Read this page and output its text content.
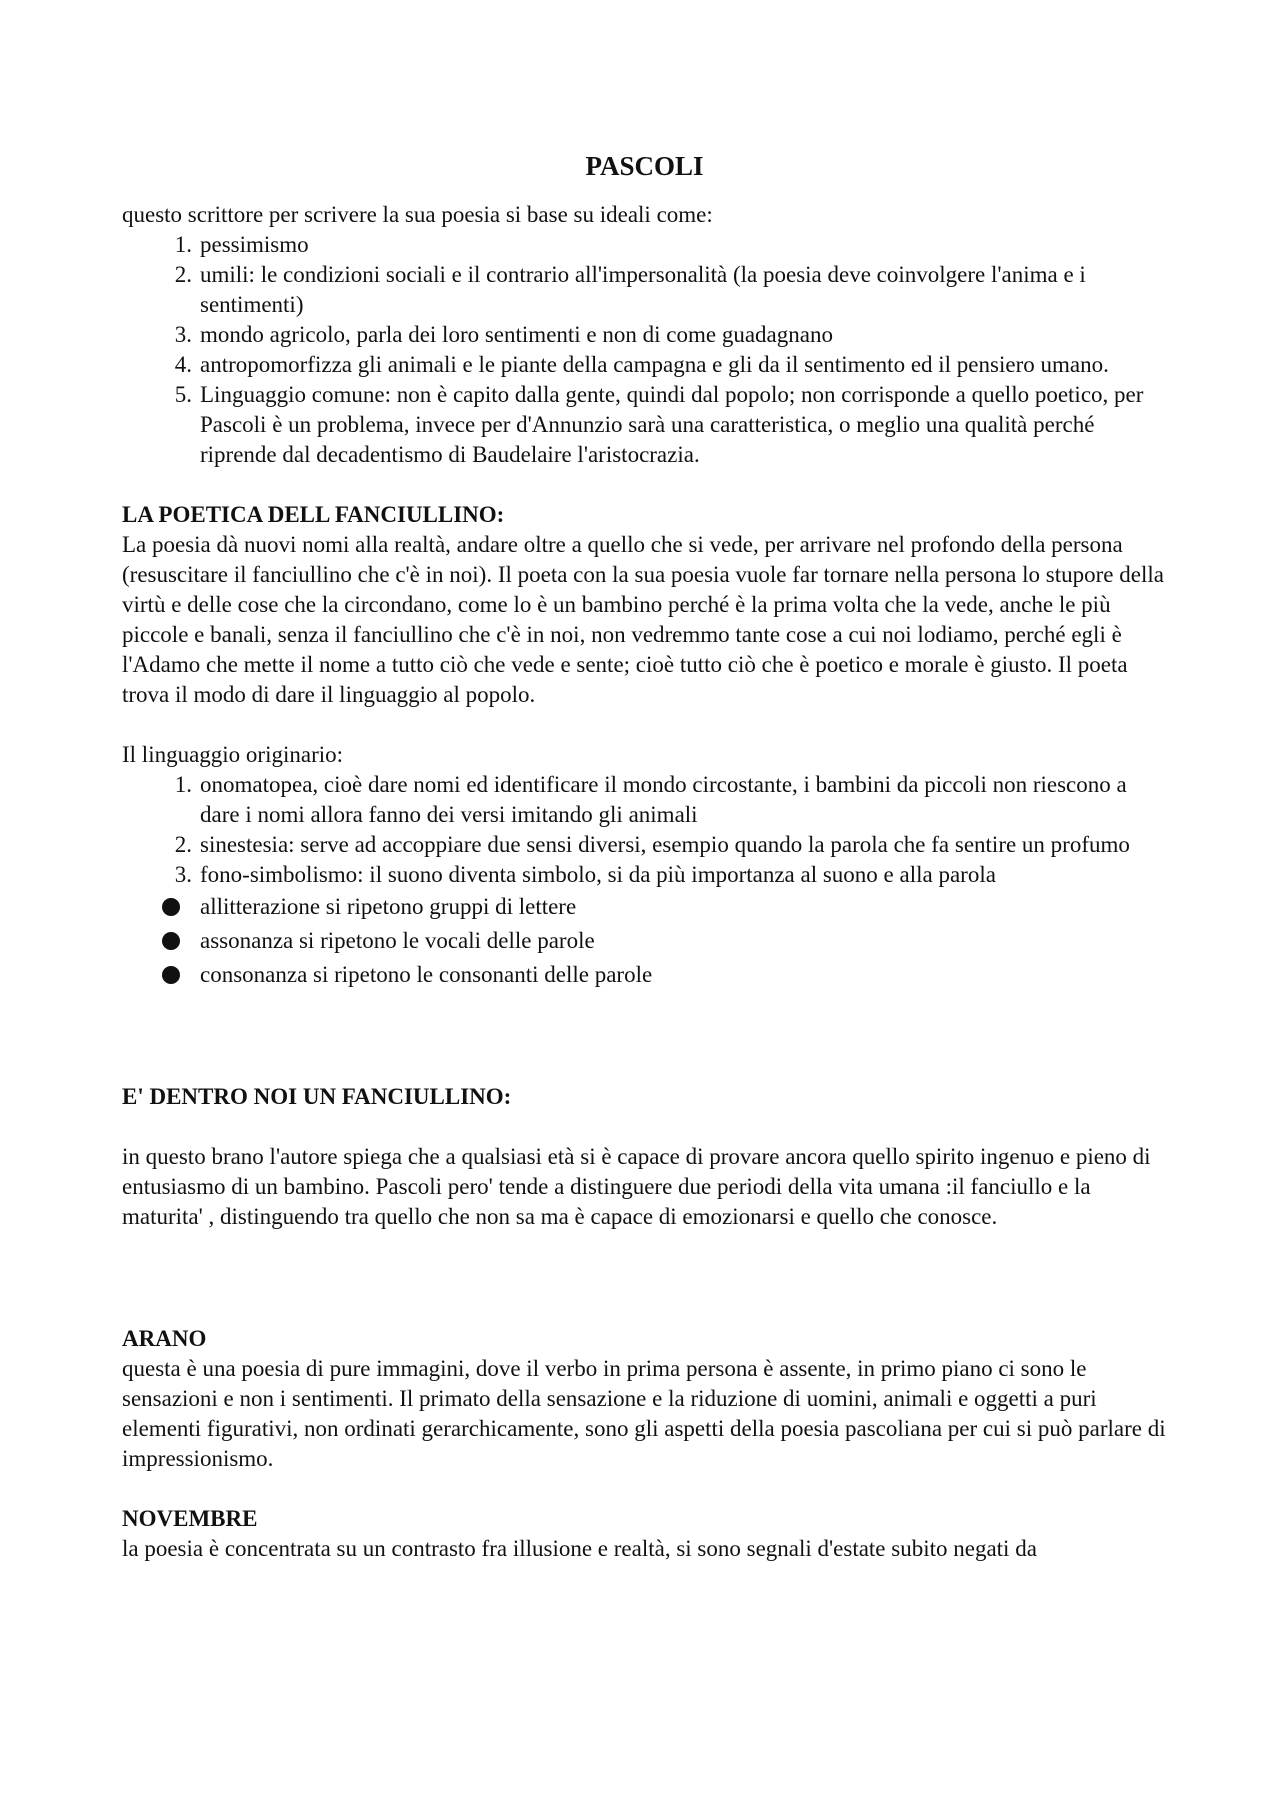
PASCOLI

questo scrittore per scrivere la sua poesia si base su ideali come:

1. pessimismo
2. umili: le condizioni sociali e il contrario all'impersonalità (la poesia deve coinvolgere l'anima e i sentimenti)
3. mondo agricolo, parla dei loro sentimenti e non di come guadagnano
4. antropomorfizza gli animali e le piante della campagna e gli da il sentimento ed il pensiero umano.
5. Linguaggio comune: non è capito dalla gente, quindi dal popolo; non corrisponde a quello poetico, per Pascoli è un problema, invece per d'Annunzio sarà una caratteristica, o meglio una qualità perché riprende dal decadentismo di Baudelaire l'aristocrazia.

LA POETICA DELL FANCIULLINO:

La poesia dà nuovi nomi alla realtà, andare oltre a quello che si vede, per arrivare nel profondo della persona (resuscitare il fanciullino che c'è in noi). Il poeta con la sua poesia vuole far tornare nella persona lo stupore della virtù e delle cose che la circondano, come lo è un bambino perché è la prima volta che la vede, anche le più piccole e banali, senza il fanciullino che c'è in noi, non vedremmo tante cose a cui noi lodiamo, perché egli è l'Adamo che mette il nome a tutto ciò che vede e sente; cioè tutto ciò che è poetico e morale è giusto. Il poeta trova il modo di dare il linguaggio al popolo.

Il linguaggio originario:

1. onomatopea, cioè dare nomi ed identificare il mondo circostante, i bambini da piccoli non riescono a dare i nomi allora fanno dei versi imitando gli animali
2. sinestesia: serve ad accoppiare due sensi diversi, esempio quando la parola che fa sentire un profumo
3. fono-simbolismo: il suono diventa simbolo, si da più importanza al suono e alla parola
allitterazione si ripetono gruppi di lettere
assonanza si ripetono le vocali delle parole
consonanza si ripetono le consonanti delle parole

E' DENTRO NOI UN FANCIULLINO:

in questo brano l'autore spiega che a qualsiasi età si è capace di provare ancora quello spirito ingenuo e pieno di entusiasmo di un bambino. Pascoli pero' tende a distinguere due periodi della vita umana :il fanciullo e la maturita' , distinguendo tra quello che non sa ma è capace di emozionarsi e quello che conosce.

ARANO

questa è una poesia di pure immagini, dove il verbo in prima persona è assente, in primo piano ci sono le sensazioni e non i sentimenti. Il primato della sensazione e la riduzione di uomini, animali e oggetti a puri elementi figurativi, non ordinati gerarchicamente, sono gli aspetti della poesia pascoliana per cui si può parlare di impressionismo.

NOVEMBRE

la poesia è concentrata su un contrasto fra illusione e realtà, si sono segnali d'estate subito negati da
